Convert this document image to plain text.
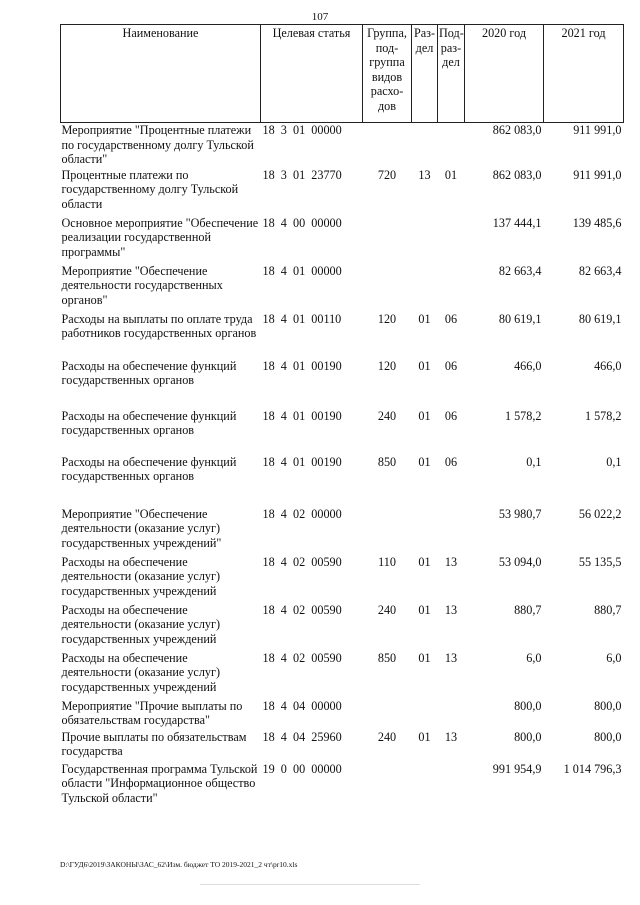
107
Наименование	Целевая статья	Группа, под- группа видов расхо- дов	Раз- дел	Под- раз- дел	2020 год	2021 год
Мероприятие "Процентные платежи по государственному долгу Тульской области"	18  3  01  00000				862 083,0	911 991,0
Процентные платежи по государственному долгу Тульской области	18  3  01  23770	720	13	01	862 083,0	911 991,0
Основное мероприятие "Обеспечение реализации государственной программы"	18  4  00  00000				137 444,1	139 485,6
Мероприятие "Обеспечение деятельности государственных органов"	18  4  01  00000				82 663,4	82 663,4
Расходы на выплаты по оплате труда работников государственных органов	18  4  01  00110	120	01	06	80 619,1	80 619,1
Расходы на обеспечение функций государственных органов	18  4  01  00190	120	01	06	466,0	466,0
Расходы на обеспечение функций государственных органов	18  4  01  00190	240	01	06	1 578,2	1 578,2
Расходы на обеспечение функций государственных органов	18  4  01  00190	850	01	06	0,1	0,1
Мероприятие "Обеспечение деятельности (оказание услуг) государственных учреждений"	18  4  02  00000				53 980,7	56 022,2
Расходы на обеспечение деятельности (оказание услуг) государственных учреждений	18  4  02  00590	110	01	13	53 094,0	55 135,5
Расходы на обеспечение деятельности (оказание услуг) государственных учреждений	18  4  02  00590	240	01	13	880,7	880,7
Расходы на обеспечение деятельности (оказание услуг) государственных учреждений	18  4  02  00590	850	01	13	6,0	6,0
Мероприятие "Прочие выплаты по обязательствам государства"	18  4  04  00000				800,0	800,0
Прочие выплаты по обязательствам государства	18  4  04  25960	240	01	13	800,0	800,0
Государственная программа Тульской области "Информационное общество Тульской области"	19  0  00  00000				991 954,9	1 014 796,3
D:\ГУД6\2019\ЗАКОНЫ\ЗАС_62\Изм. бюджет ТО 2019-2021_2 чт\pr10.xls
